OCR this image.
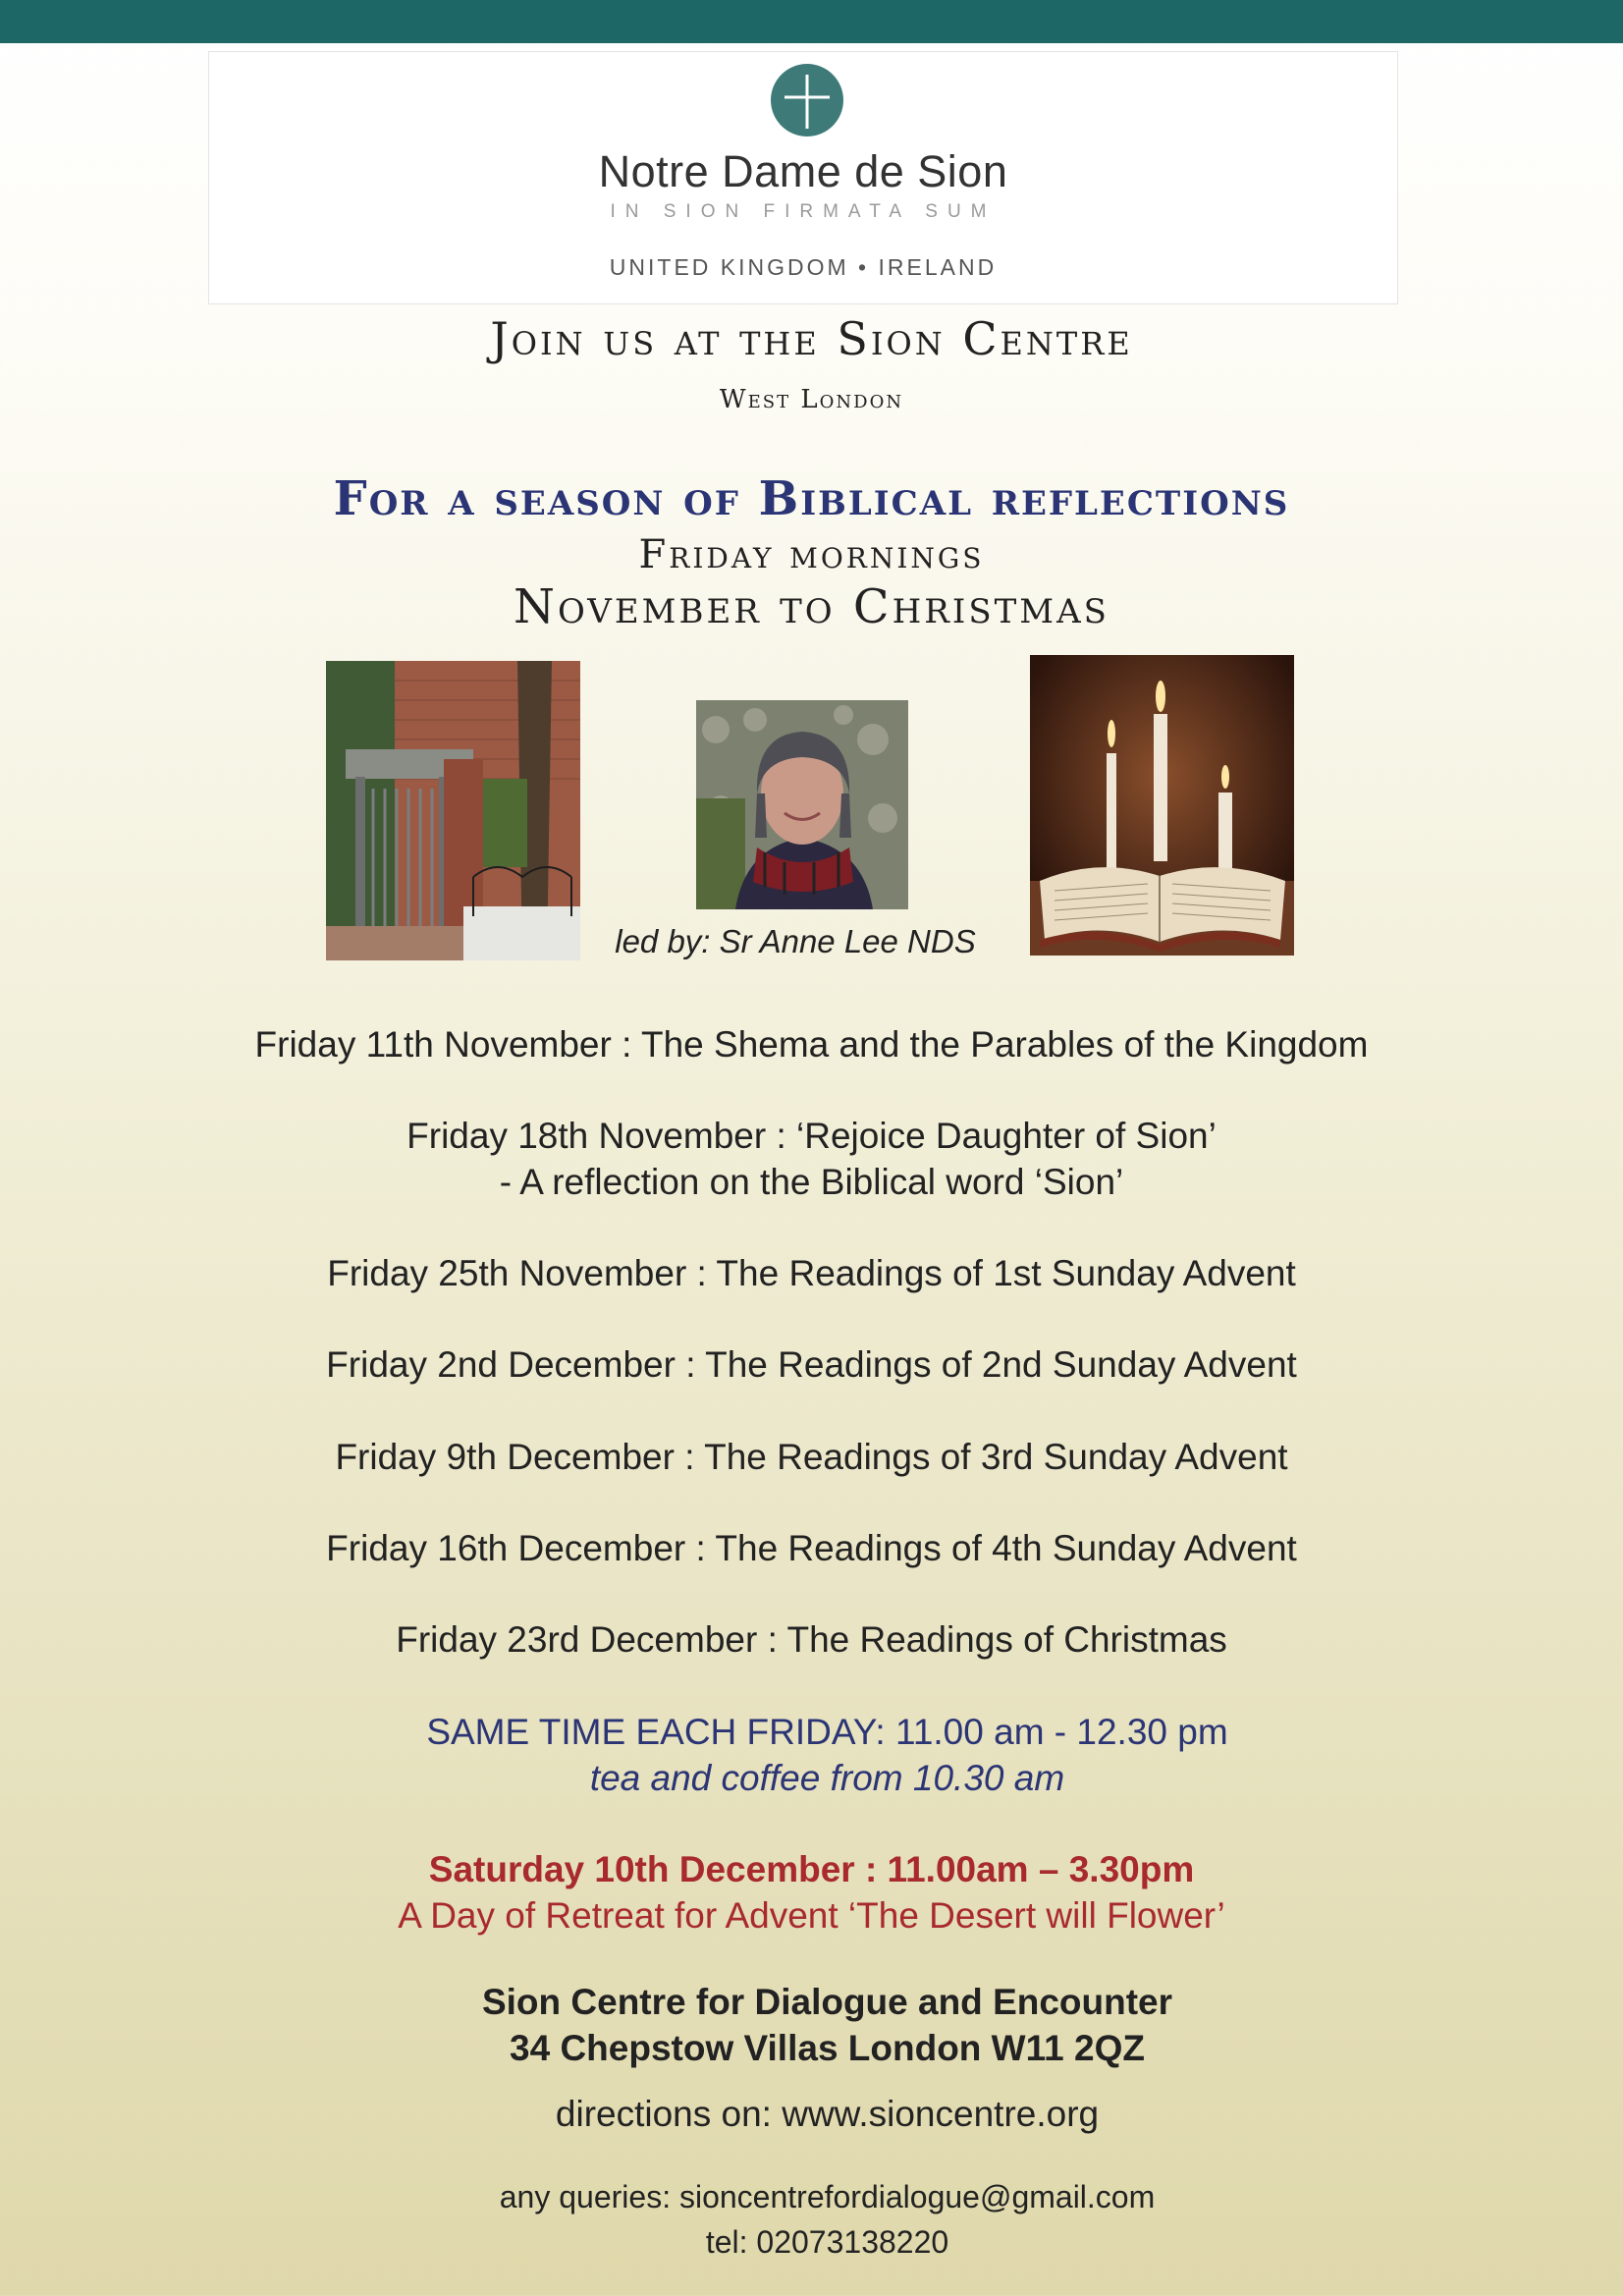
Notre Dame de Sion
IN SION FIRMATA SUM
UNITED KINGDOM • IRELAND
Join us at the Sion Centre
West London
For a season of Biblical reflections
Friday mornings
November to Christmas
led by: Sr Anne Lee NDS
Friday 11th November : The Shema and the Parables of the Kingdom
Friday 18th November : ‘Rejoice Daughter of Sion’
- A reflection on the Biblical word ‘Sion’
Friday 25th November : The Readings of 1st Sunday Advent
Friday 2nd December : The Readings of 2nd Sunday Advent
Friday 9th December : The Readings of 3rd Sunday Advent
Friday 16th December : The Readings of 4th Sunday Advent
Friday 23rd December : The Readings of Christmas
SAME TIME EACH FRIDAY: 11.00 am - 12.30 pm
tea and coffee from 10.30 am
Saturday 10th December : 11.00am – 3.30pm
A Day of Retreat for Advent ‘The Desert will Flower’
Sion Centre for Dialogue and Encounter
34 Chepstow Villas London W11 2QZ
directions on: www.sioncentre.org
any queries: sioncentrefordialogue@gmail.com
tel: 02073138220
